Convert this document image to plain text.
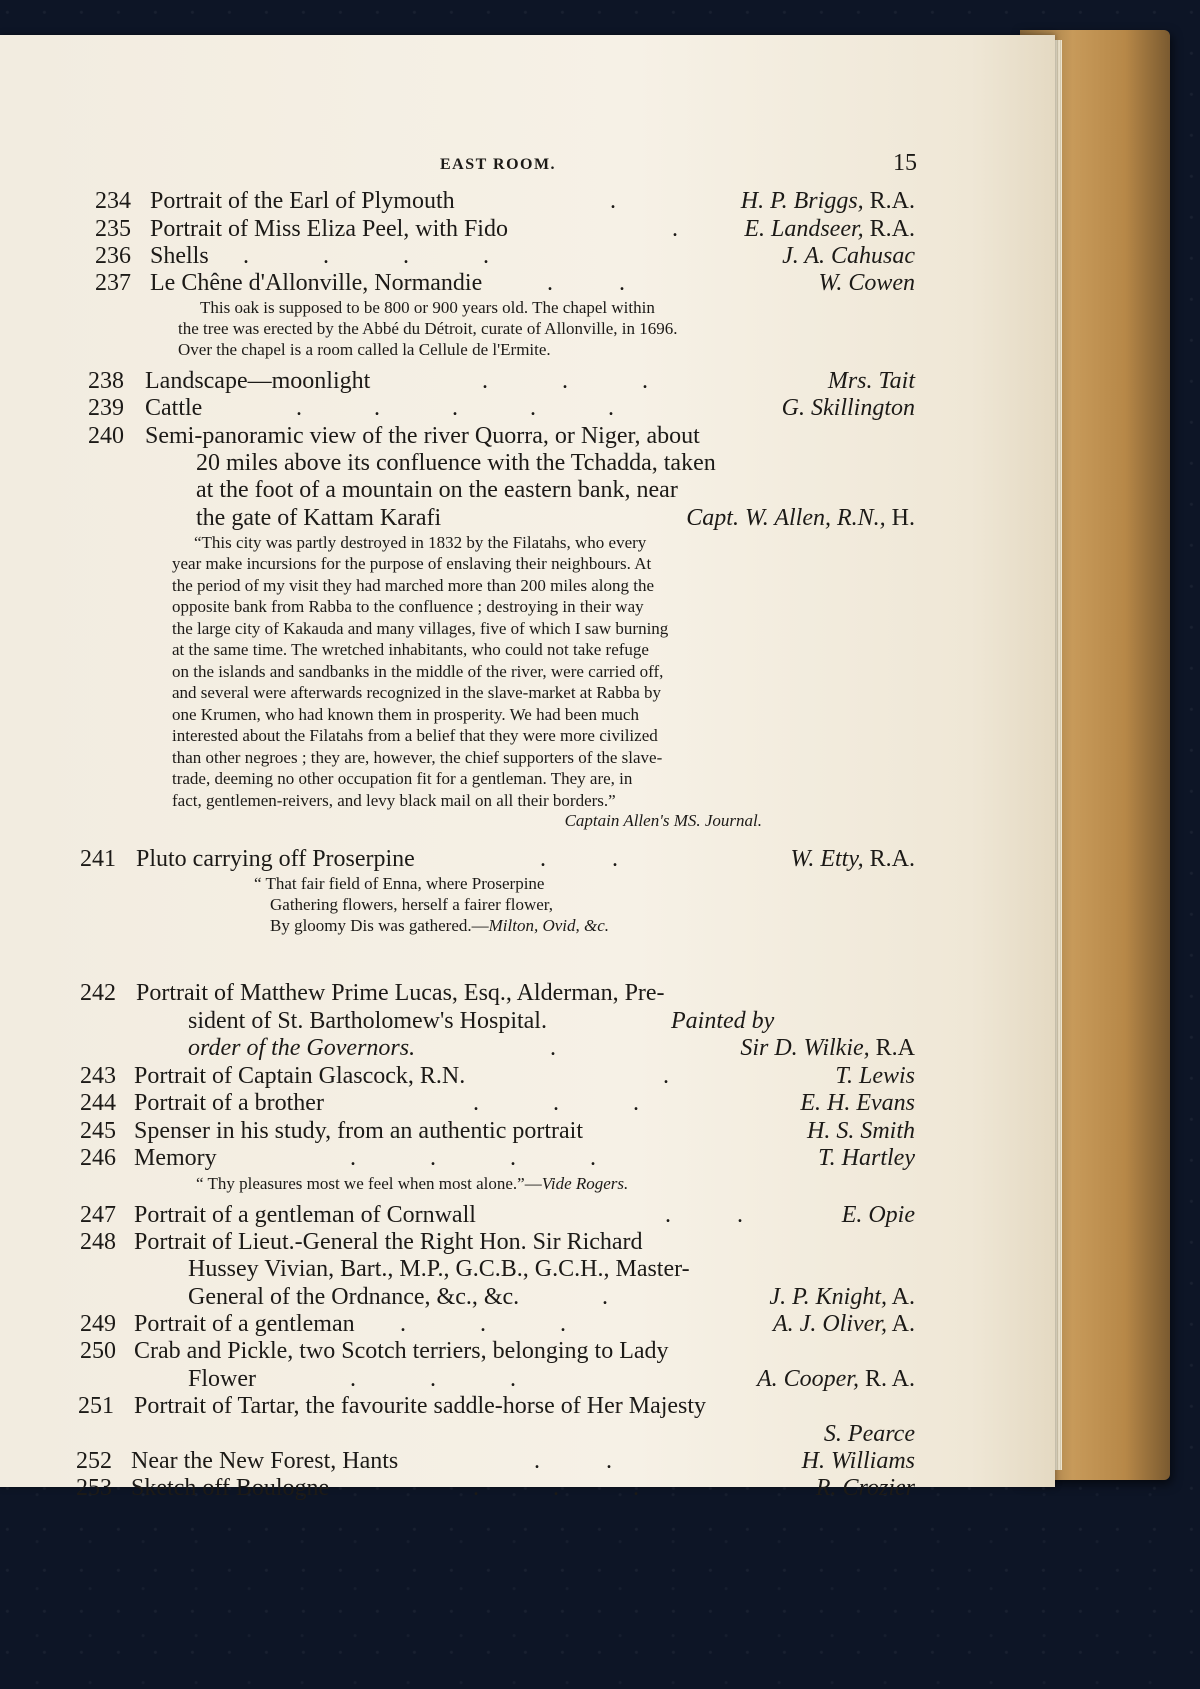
EAST ROOM.	15
234 Portrait of the Earl of Plymouth	.	H. P. Briggs, R.A.
235 Portrait of Miss Eliza Peel, with Fido	.	E. Landseer, R.A.
236 Shells . . . .	J. A. Cahusac
237 Le Chêne d'Allonville, Normandie	. .	W. Cowen
This oak is supposed to be 800 or 900 years old. The chapel within
the tree was erected by the Abbé du Détroit, curate of Allonville, in 1696.
Over the chapel is a room called la Cellule de l'Ermite.
238 Landscape—moonlight	. . .	Mrs. Tait
239 Cattle	. . . . .	G. Skillington
240 Semi-panoramic view of the river Quorra, or Niger, about
20 miles above its confluence with the Tchadda, taken
at the foot of a mountain on the eastern bank, near
the gate of Kattam Karafi	Capt. W. Allen, R.N., H.
“This city was partly destroyed in 1832 by the Filatahs, who every
year make incursions for the purpose of enslaving their neighbours. At
the period of my visit they had marched more than 200 miles along the
opposite bank from Rabba to the confluence ; destroying in their way
the large city of Kakauda and many villages, five of which I saw burning
at the same time. The wretched inhabitants, who could not take refuge
on the islands and sandbanks in the middle of the river, were carried off,
and several were afterwards recognized in the slave-market at Rabba by
one Krumen, who had known them in prosperity. We had been much
interested about the Filatahs from a belief that they were more civilized
than other negroes ; they are, however, the chief supporters of the slave-
trade, deeming no other occupation fit for a gentleman. They are, in
fact, gentlemen-reivers, and levy black mail on all their borders.”
Captain Allen's MS. Journal.
241 Pluto carrying off Proserpine	. .	W. Etty, R.A.
“ That fair field of Enna, where Proserpine
Gathering flowers, herself a fairer flower,
By gloomy Dis was gathered.—Milton, Ovid, &c.
242 Portrait of Matthew Prime Lucas, Esq., Alderman, Pre-
sident of St. Bartholomew's Hospital.	Painted by
order of the Governors.	.	Sir D. Wilkie, R.A
243 Portrait of Captain Glascock, R.N.	.	T. Lewis
244 Portrait of a brother	. . .	E. H. Evans
245 Spenser in his study, from an authentic portrait	H. S. Smith
246 Memory	. . . .	T. Hartley
“ Thy pleasures most we feel when most alone.”—Vide Rogers.
247 Portrait of a gentleman of Cornwall	. .	E. Opie
248 Portrait of Lieut.-General the Right Hon. Sir Richard
Hussey Vivian, Bart., M.P., G.C.B., G.C.H., Master-
General of the Ordnance, &c., &c.	.	J. P. Knight, A.
249 Portrait of a gentleman . . .	A. J. Oliver, A.
250 Crab and Pickle, two Scotch terriers, belonging to Lady
Flower	. . .	A. Cooper, R. A.
251 Portrait of Tartar, the favourite saddle-horse of Her Majesty
S. Pearce
252 Near the New Forest, Hants	. .	H. Williams
253 Sketch off Boulogne	. . .	R. Crozier
